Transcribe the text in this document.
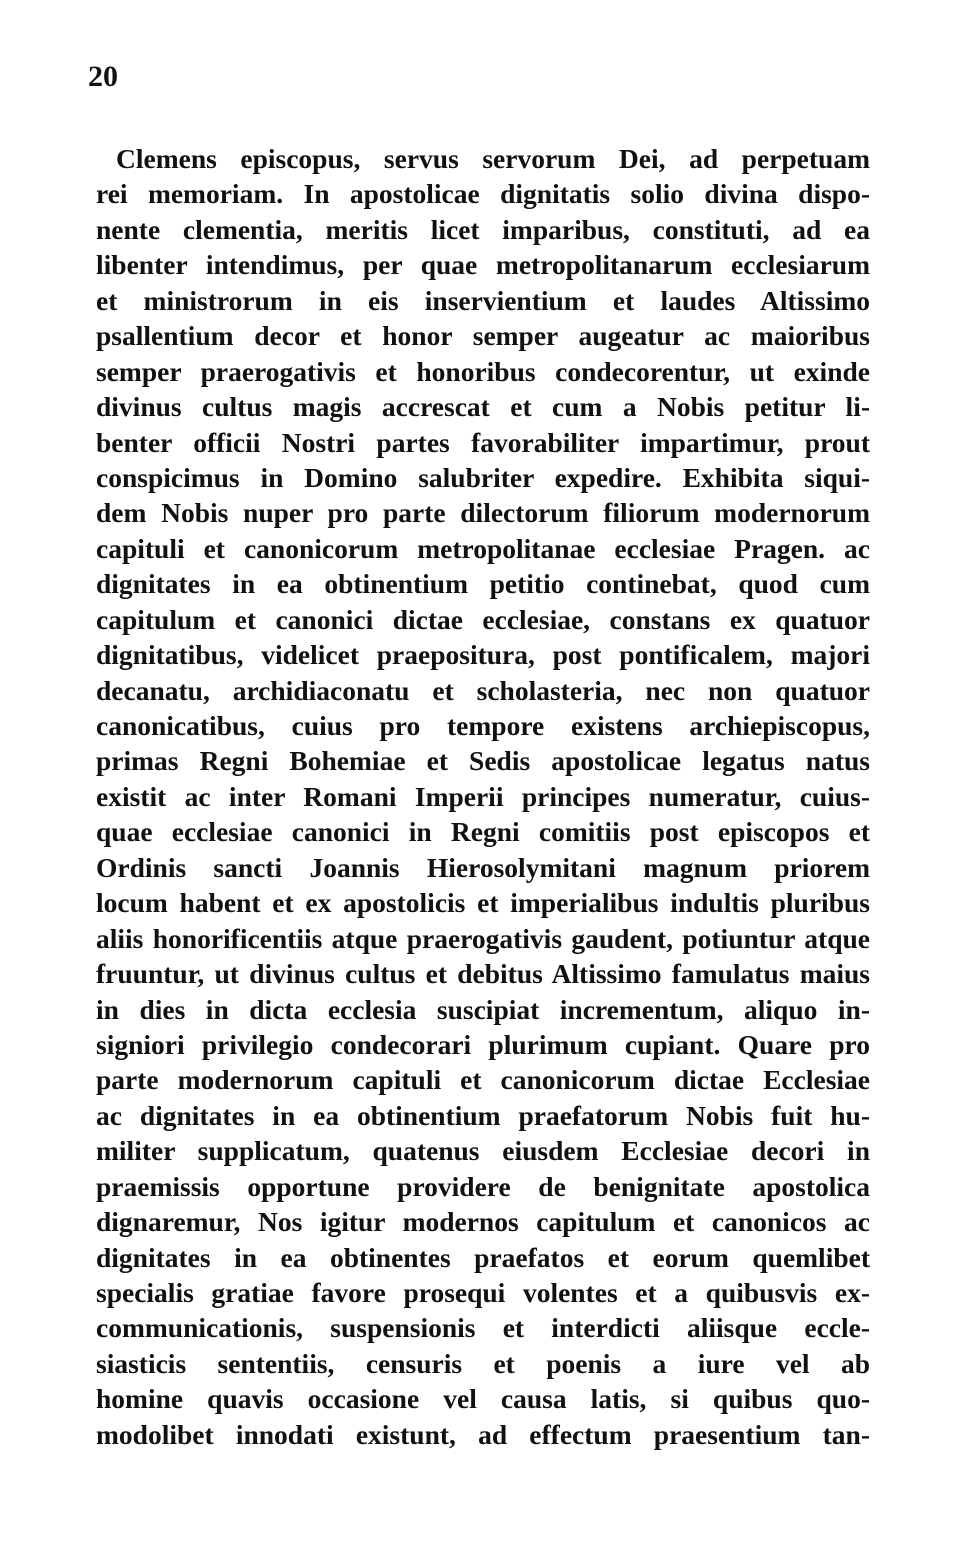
20
Clemens episcopus, servus servorum Dei, ad perpetuam
rei memoriam. In apostolicae dignitatis solio divina dispo-
nente clementia, meritis licet imparibus, constituti, ad ea
libenter intendimus, per quae metropolitanarum ecclesiarum
et ministrorum in eis inservientium et laudes Altissimo
psallentium decor et honor semper augeatur ac maioribus
semper praerogativis et honoribus condecorentur, ut exinde
divinus cultus magis accrescat et cum a Nobis petitur li-
benter officii Nostri partes favorabiliter impartimur, prout
conspicimus in Domino salubriter expedire. Exhibita siqui-
dem Nobis nuper pro parte dilectorum filiorum modernorum
capituli et canonicorum metropolitanae ecclesiae Pragen. ac
dignitates in ea obtinentium petitio continebat, quod cum
capitulum et canonici dictae ecclesiae, constans ex quatuor
dignitatibus, videlicet praepositura, post pontificalem, majori
decanatu, archidiaconatu et scholasteria, nec non quatuor
canonicatibus, cuius pro tempore existens archiepiscopus,
primas Regni Bohemiae et Sedis apostolicae legatus natus
existit ac inter Romani Imperii principes numeratur, cuius-
quae ecclesiae canonici in Regni comitiis post episcopos et
Ordinis sancti Joannis Hierosolymitani magnum priorem
locum habent et ex apostolicis et imperialibus indultis pluribus
aliis honorificentiis atque praerogativis gaudent, potiuntur atque
fruuntur, ut divinus cultus et debitus Altissimo famulatus maius
in dies in dicta ecclesia suscipiat incrementum, aliquo in-
signiori privilegio condecorari plurimum cupiant. Quare pro
parte modernorum capituli et canonicorum dictae Ecclesiae
ac dignitates in ea obtinentium praefatorum Nobis fuit hu-
militer supplicatum, quatenus eiusdem Ecclesiae decori in
praemissis opportune providere de benignitate apostolica
dignaremur, Nos igitur modernos capitulum et canonicos ac
dignitates in ea obtinentes praefatos et eorum quemlibet
specialis gratiae favore prosequi volentes et a quibusvis ex-
communicationis, suspensionis et interdicti aliisque eccle-
siasticis sententiis, censuris et poenis a iure vel ab
homine quavis occasione vel causa latis, si quibus quo-
modolibet innodati existunt, ad effectum praesentium tan-
